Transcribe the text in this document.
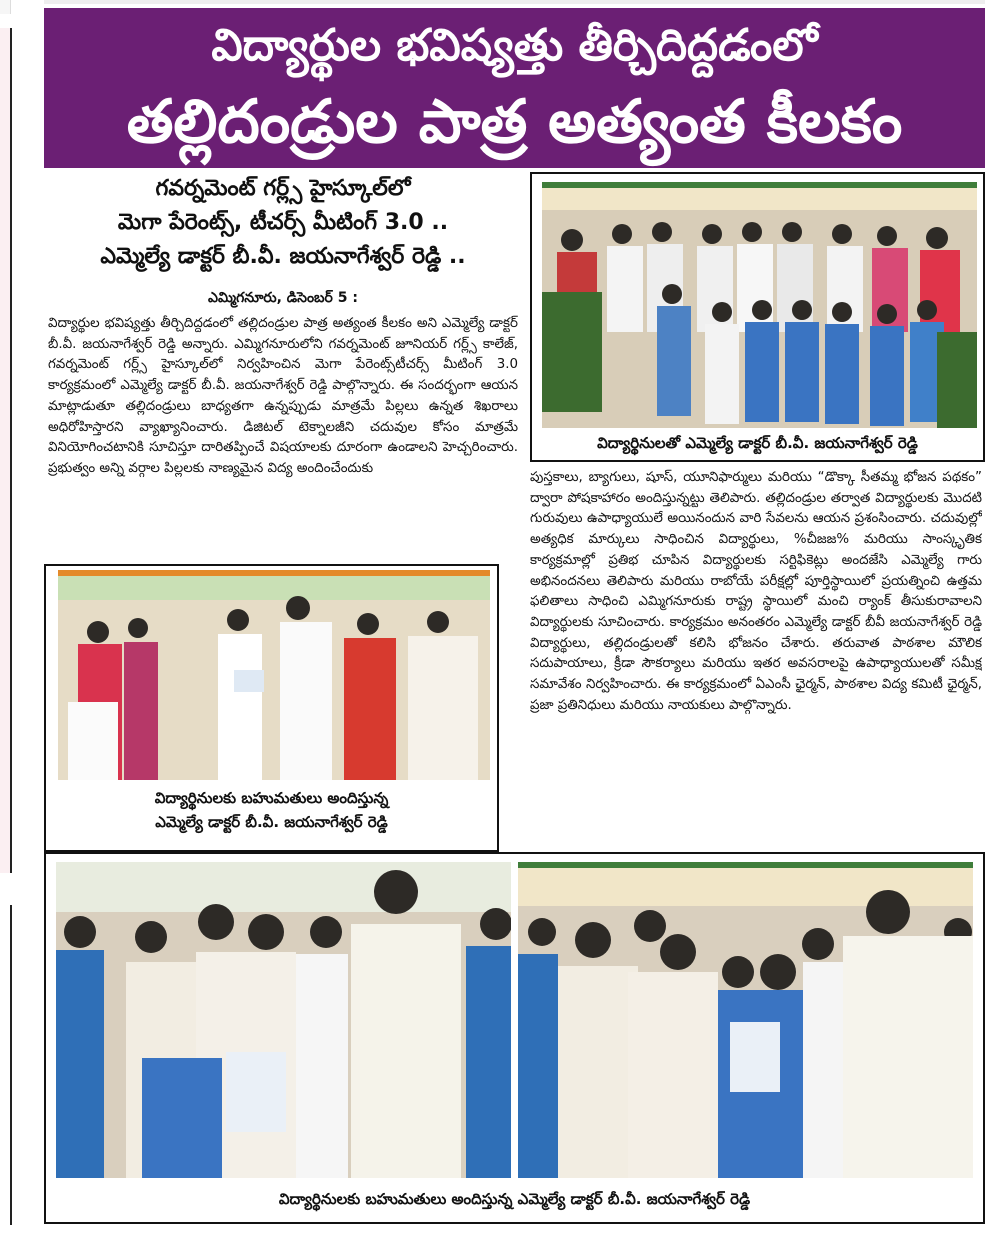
విద్యార్థుల భవిష్యత్తు తీర్చిదిద్దడంలో
తల్లిదండ్రుల పాత్ర అత్యంత కీలకం
గవర్నమెంట్ గర్ల్స్ హైస్కూల్‌లో
మెగా పేరెంట్స్, టీచర్స్ మీటింగ్ 3.0 ..
ఎమ్మెల్యే డాక్టర్ బీ.వీ. జయనాగేశ్వర్ రెడ్డి ..
ఎమ్మిగనూరు, డిసెంబర్ 5 :
విద్యార్థుల భవిష్యత్తు తీర్చిదిద్దడంలో తల్లిదండ్రుల పాత్ర అత్యంత కీలకం అని ఎమ్మెల్యే డాక్టర్ బీ.వీ. జయనాగేశ్వర్ రెడ్డి అన్నారు. ఎమ్మిగనూరులోని గవర్నమెంట్ జూనియర్ గర్ల్స్ కాలేజ్, గవర్నమెంట్ గర్ల్స్ హైస్కూల్‌లో నిర్వహించిన మెగా పేరెంట్స్‌టీచర్స్ మీటింగ్ 3.0 కార్యక్రమంలో ఎమ్మెల్యే డాక్టర్ బీ.వీ. జయనాగేశ్వర్ రెడ్డి పాల్గొన్నారు. ఈ సందర్భంగా ఆయన మాట్లాడుతూ తల్లిదండ్రులు బాధ్యతగా ఉన్నప్పుడు మాత్రమే పిల్లలు ఉన్నత శిఖరాలు అధిరోహిస్తారని వ్యాఖ్యానించారు. డిజిటల్ టెక్నాలజీని చదువుల కోసం మాత్రమే వినియోగించటానికి సూచిస్తూ దారితప్పించే విషయాలకు దూరంగా ఉండాలని హెచ్చరించారు. ప్రభుత్వం అన్ని వర్గాల పిల్లలకు నాణ్యమైన విద్య అందించేందుకు
పుస్తకాలు, బ్యాగులు, షూస్, యూనిఫార్ములు మరియు “డొక్కా సీతమ్మ భోజన పథకం” ద్వారా పోషకాహారం అందిస్తున్నట్టు తెలిపారు. తల్లిదండ్రుల తర్వాత విద్యార్థులకు మొదటి గురువులు ఉపాధ్యాయులే అయినందున వారి సేవలను ఆయన ప్రశంసించారు. చదువుల్లో అత్యధిక మార్కులు సాధించిన విద్యార్థులు, %చీజజ% మరియు సాంస్కృతిక కార్యక్రమాల్లో ప్రతిభ చూపిన విద్యార్థులకు సర్టిఫికెట్లు అందజేసి ఎమ్మెల్యే గారు అభినందనలు తెలిపారు మరియు రాబోయే పరీక్షల్లో పూర్తిస్థాయిలో ప్రయత్నించి ఉత్తమ ఫలితాలు సాధించి ఎమ్మిగనూరుకు రాష్ట్ర స్థాయిలో మంచి ర్యాంక్ తీసుకురావాలని విద్యార్థులకు సూచించారు. కార్యక్రమం అనంతరం ఎమ్మెల్యే డాక్టర్ బీవీ జయనాగేశ్వర్ రెడ్డి విద్యార్థులు, తల్లిదండ్రులతో కలిసి భోజనం చేశారు. తరువాత పాఠశాల మౌలిక సదుపాయాలు, క్రీడా సౌకర్యాలు మరియు ఇతర అవసరాలపై ఉపాధ్యాయులతో సమీక్ష సమావేశం నిర్వహించారు. ఈ కార్యక్రమంలో ఏఎంసీ ఛైర్మన్, పాఠశాల విద్య కమిటీ ఛైర్మన్, ప్రజా ప్రతినిధులు మరియు నాయకులు పాల్గొన్నారు.
విద్యార్థినులతో ఎమ్మెల్యే డాక్టర్ బీ.వీ. జయనాగేశ్వర్ రెడ్డి
విద్యార్థినులకు బహుమతులు అందిస్తున్న
ఎమ్మెల్యే డాక్టర్ బీ.వీ. జయనాగేశ్వర్ రెడ్డి
విద్యార్థినులకు బహుమతులు అందిస్తున్న ఎమ్మెల్యే డాక్టర్ బీ.వీ. జయనాగేశ్వర్ రెడ్డి
